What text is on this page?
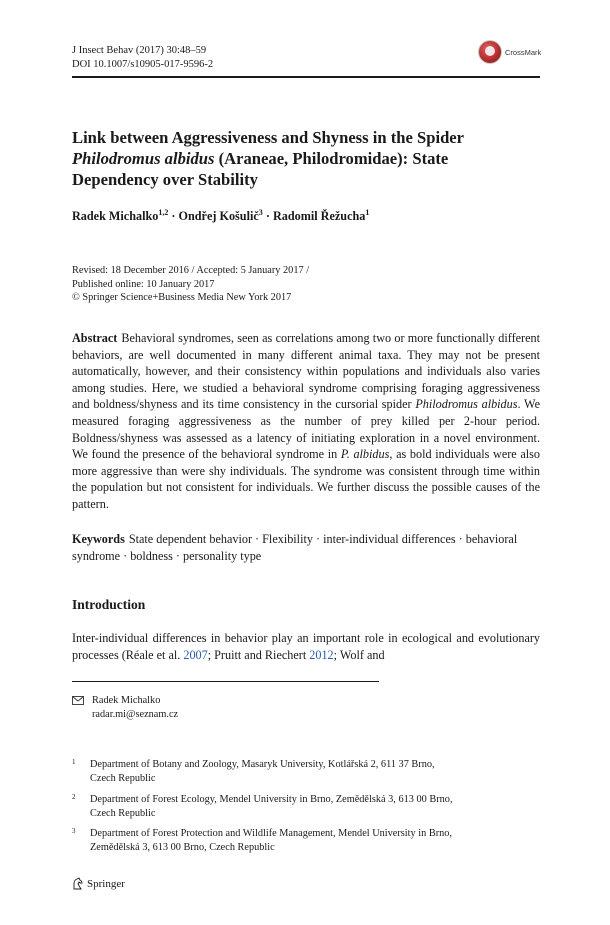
J Insect Behav (2017) 30:48–59
DOI 10.1007/s10905-017-9596-2
CrossMark
Link between Aggressiveness and Shyness in the Spider
Philodromus albidus (Araneae, Philodromidae): State
Dependency over Stability
Radek Michalko$^{1,2}$ · Ondřej Košulič$^3$ · Radomil Řežucha$^1$
Revised: 18 December 2016 / Accepted: 5 January 2017 /
Published online: 10 January 2017
© Springer Science+Business Media New York 2017
Abstract Behavioral syndromes, seen as correlations among two or more functionally different behaviors, are well documented in many different animal taxa. They may not be present automatically, however, and their consistency within populations and individuals also varies among studies. Here, we studied a behavioral syndrome comprising foraging aggressiveness and boldness/shyness and its time consistency in the cursorial spider Philodromus albidus. We measured foraging aggressiveness as the number of prey killed per 2-hour period. Boldness/shyness was assessed as a latency of initiating exploration in a novel environment. We found the presence of the behavioral syndrome in P. albidus, as bold individuals were also more aggressive than were shy individuals. The syndrome was consistent through time within the population but not consistent for individuals. We further discuss the possible causes of the pattern.
Keywords State dependent behavior · Flexibility · inter-individual differences · behavioral syndrome · boldness · personality type
Introduction
Inter-individual differences in behavior play an important role in ecological and evolutionary processes (Réale et al. 2007; Pruitt and Riechert 2012; Wolf and
Radek Michalko
radar.mi@seznam.cz
1 Department of Botany and Zoology, Masaryk University, Kotlářská 2, 611 37 Brno,
Czech Republic
2 Department of Forest Ecology, Mendel University in Brno, Zemědělská 3, 613 00 Brno,
Czech Republic
3 Department of Forest Protection and Wildlife Management, Mendel University in Brno,
Zemědělská 3, 613 00 Brno, Czech Republic
Springer
